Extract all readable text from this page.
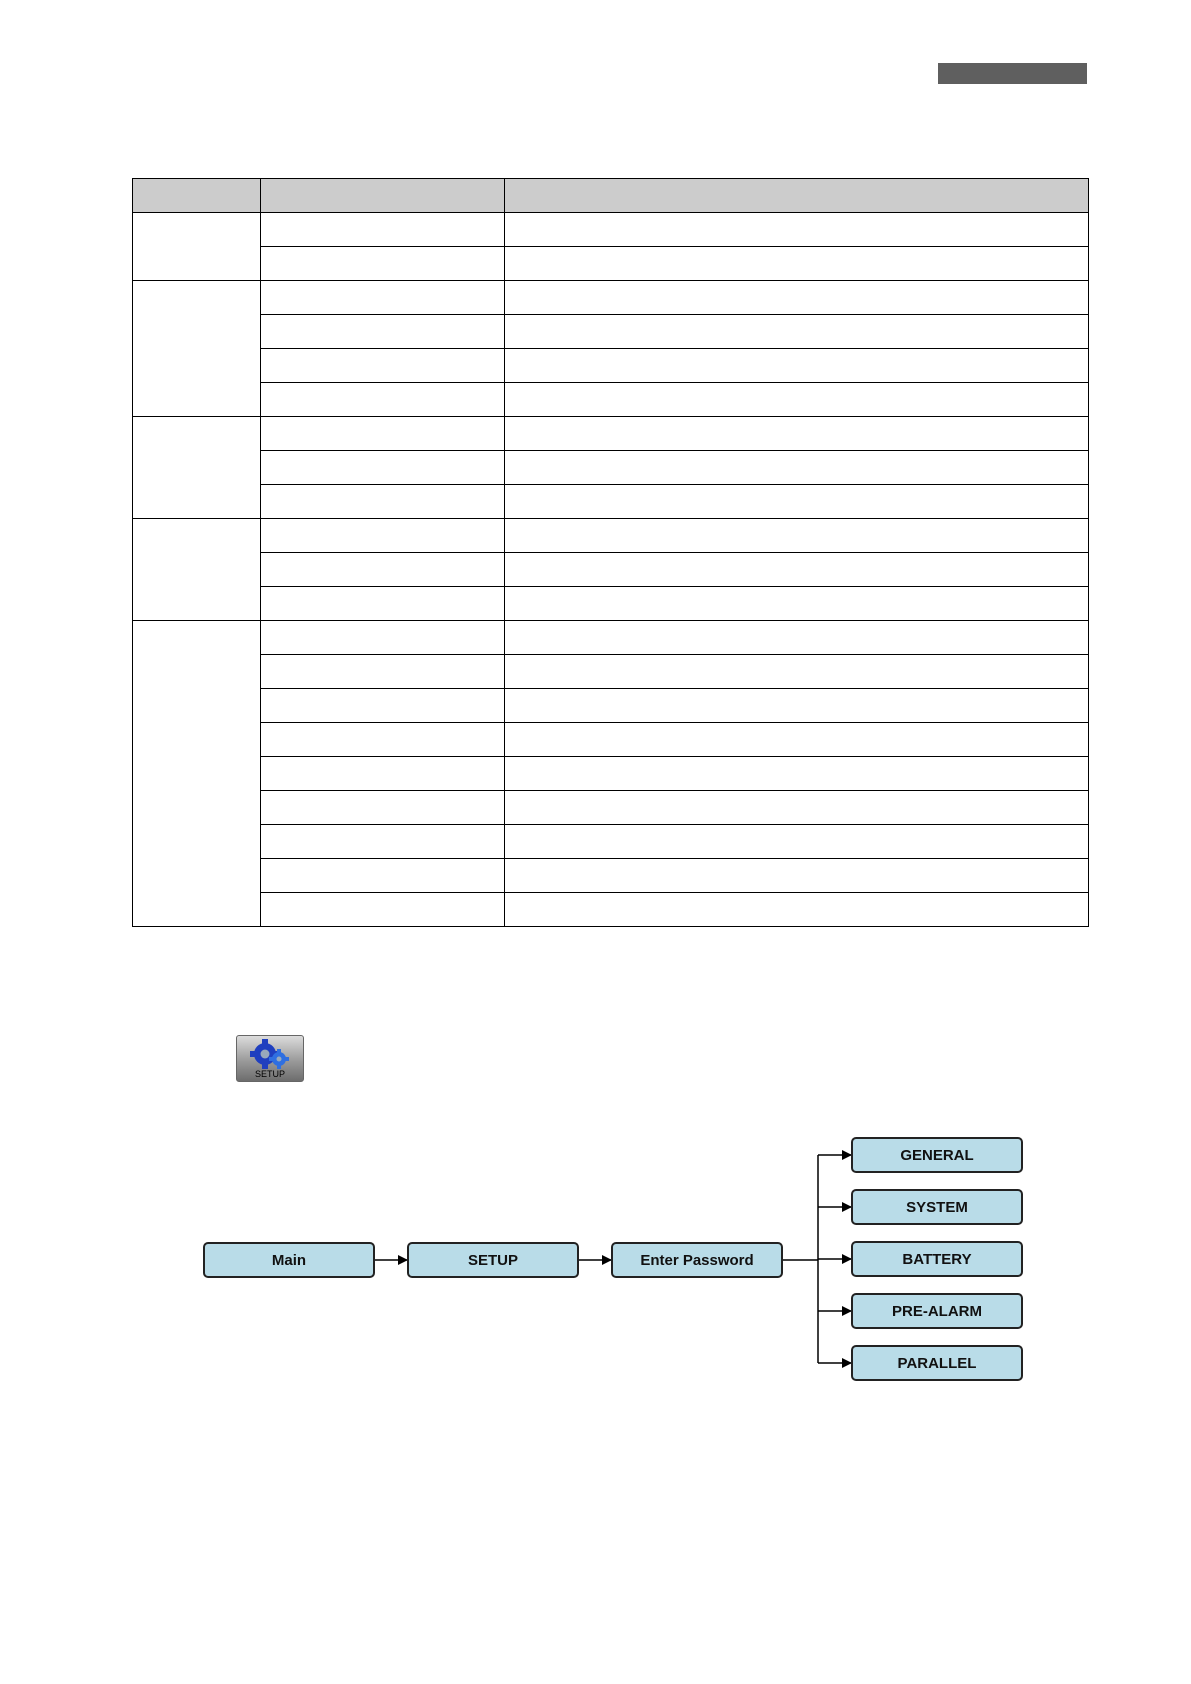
SETUP
Main	SETUP	Enter Password
GENERAL
SYSTEM
BATTERY
PRE-ALARM
PARALLEL
